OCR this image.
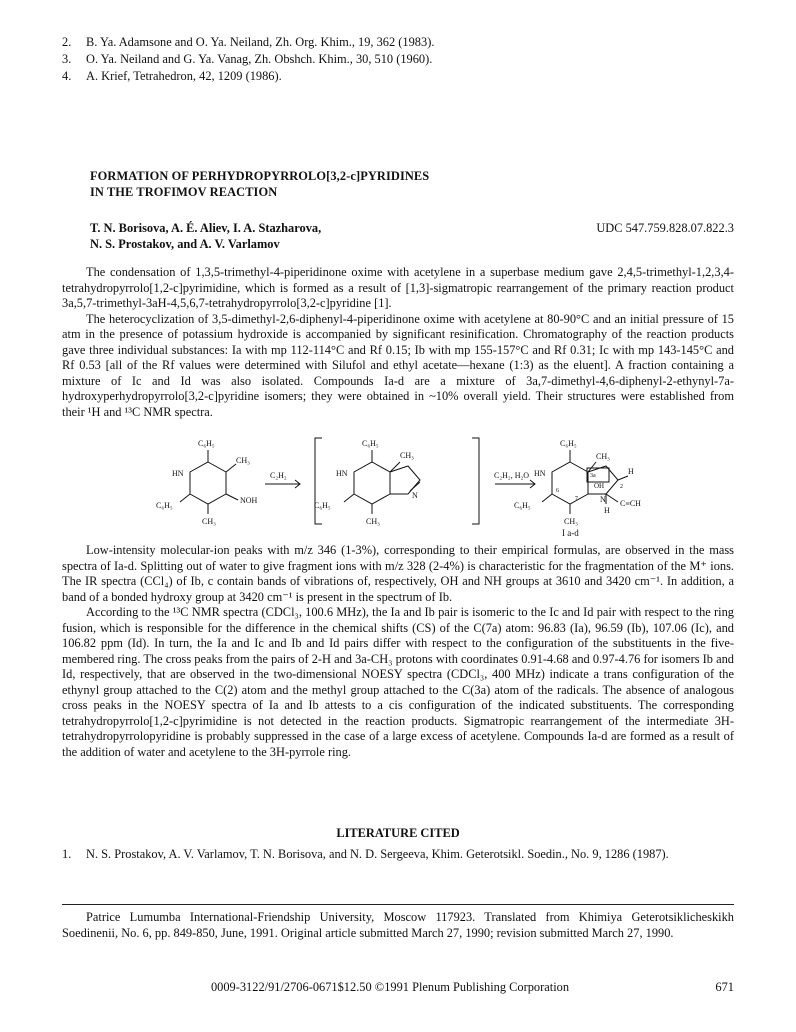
2.	B. Ya. Adamsone and O. Ya. Neiland, Zh. Org. Khim., 19, 362 (1983).
3.	O. Ya. Neiland and G. Ya. Vanag, Zh. Obshch. Khim., 30, 510 (1960).
4.	A. Krief, Tetrahedron, 42, 1209 (1986).
FORMATION OF PERHYDROPYRROLO[3,2-c]PYRIDINES
IN THE TROFIMOV REACTION
T. N. Borisova, A. É. Aliev, I. A. Stazharova,
N. S. Prostakov, and A. V. Varlamov
UDC 547.759.828.07.822.3

The condensation of 1,3,5-trimethyl-4-piperidinone oxime with acetylene in a superbase medium gave 2,4,5-trimethyl-1,2,3,4-tetrahydropyrrolo[1,2-c]pyrimidine, which is formed as a result of [1,3]-sigmatropic rearrangement of the primary reaction product 3a,5,7-trimethyl-3aH-4,5,6,7-tetrahydropyrrolo[3,2-c]pyridine [1].

The heterocyclization of 3,5-dimethyl-2,6-diphenyl-4-piperidinone oxime with acetylene at 80-90°C and an initial pressure of 15 atm in the presence of potassium hydroxide is accompanied by significant resinification. Chromatography of the reaction products gave three individual substances: Ia with mp 112-114°C and Rf 0.15; Ib with mp 155-157°C and Rf 0.31; Ic with mp 143-145°C and Rf 0.53 [all of the Rf values were determined with Silufol and ethyl acetate—hexane (1:3) as the eluent]. A fraction containing a mixture of Ic and Id was also isolated. Compounds Ia-d are a mixture of 3a,7-dimethyl-4,6-diphenyl-2-ethynyl-7a-hydroxyperhydropyrrolo[3,2-c]pyridine isomers; they were obtained in ~10% overall yield. Their structures were established from their ¹H and ¹³C NMR spectra.

C₆H₅
CH₃
HN
C₆H₅
NOH
CH₃
C₂H₂
C₆H₅
CH₃
HN
C₆H₅
N
CH₃
C₂H₂, H₂O
C₆H₅
CH₃
HN	3a
OH
H
2
6
7	N C≡CH
H
C₆H₅
CH₃
I a-d

Low-intensity molecular-ion peaks with m/z 346 (1-3%), corresponding to their empirical formulas, are observed in the mass spectra of Ia-d. Splitting out of water to give fragment ions with m/z 328 (2-4%) is characteristic for the fragmentation of the M⁺ ions. The IR spectra (CCl₄) of Ib, c contain bands of vibrations of, respectively, OH and NH groups at 3610 and 3420 cm⁻¹. In addition, a band of a bonded hydroxy group at 3420 cm⁻¹ is present in the spectrum of Ib.

According to the ¹³C NMR spectra (CDCl₃, 100.6 MHz), the Ia and Ib pair is isomeric to the Ic and Id pair with respect to the ring fusion, which is responsible for the difference in the chemical shifts (CS) of the C(7a) atom: 96.83 (Ia), 96.59 (Ib), 107.06 (Ic), and 106.82 ppm (Id). In turn, the Ia and Ic and Ib and Id pairs differ with respect to the configuration of the substituents in the five-membered ring. The cross peaks from the pairs of 2-H and 3a-CH₃ protons with coordinates 0.91-4.68 and 0.97-4.76 for isomers Ib and Id, respectively, that are observed in the two-dimensional NOESY spectra (CDCl₃, 400 MHz) indicate a trans configuration of the ethynyl group attached to the C(2) atom and the methyl group attached to the C(3a) atom of the radicals. The absence of analogous cross peaks in the NOESY spectra of Ia and Ib attests to a cis configuration of the indicated substituents. The corresponding tetrahydropyrrolo[1,2-c]pyrimidine is not detected in the reaction products. Sigmatropic rearrangement of the intermediate 3H-tetrahydropyrrolopyridine is probably suppressed in the case of a large excess of acetylene. Compounds Ia-d are formed as a result of the addition of water and acetylene to the 3H-pyrrole ring.

LITERATURE CITED
1.	N. S. Prostakov, A. V. Varlamov, T. N. Borisova, and N. D. Sergeeva, Khim. Geterotsikl. Soedin., No. 9, 1286 (1987).
Patrice Lumumba International-Friendship University, Moscow 117923. Translated from Khimiya Geterotsiklicheskikh Soedinenii, No. 6, pp. 849-850, June, 1991. Original article submitted March 27, 1990; revision submitted March 27, 1990.
0009-3122/91/2706-0671$12.50 ©1991 Plenum Publishing Corporation	671
